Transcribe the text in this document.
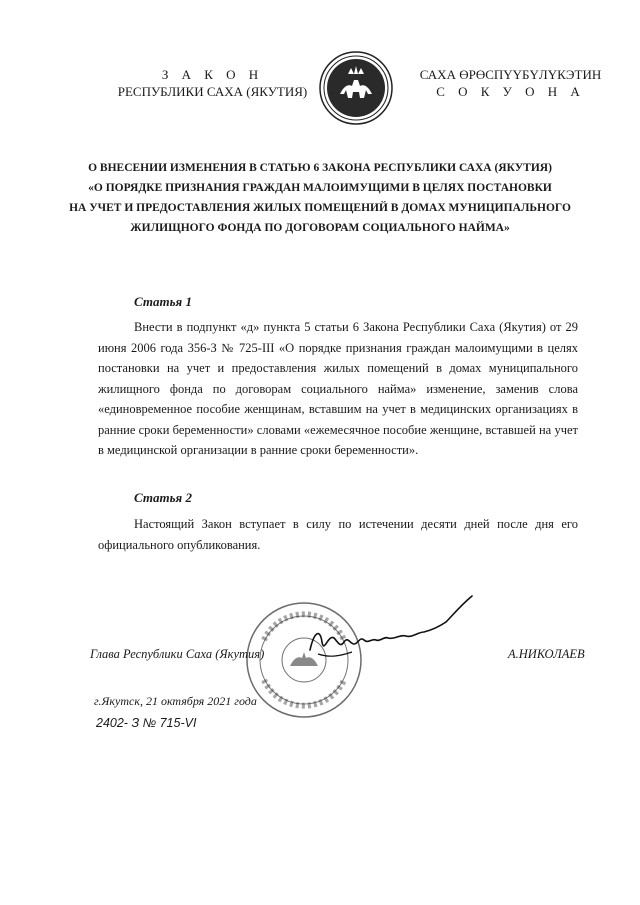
З А К О Н
РЕСПУБЛИКИ САХА (ЯКУТИЯ)
САХА ӨРӨСПYYБYЛYКЭТИН
С О К У О Н А
О ВНЕСЕНИИ ИЗМЕНЕНИЯ В СТАТЬЮ 6 ЗАКОНА РЕСПУБЛИКИ САХА (ЯКУТИЯ)
«О ПОРЯДКЕ ПРИЗНАНИЯ ГРАЖДАН МАЛОИМУЩИМИ В ЦЕЛЯХ ПОСТАНОВКИ
НА УЧЕТ И ПРЕДОСТАВЛЕНИЯ ЖИЛЫХ ПОМЕЩЕНИЙ В ДОМАХ МУНИЦИПАЛЬНОГО
ЖИЛИЩНОГО ФОНДА ПО ДОГОВОРАМ СОЦИАЛЬНОГО НАЙМА»
Статья 1
Внести в подпункт «д» пункта 5 статьи 6 Закона Республики Саха (Якутия) от 29 июня 2006 года 356-З № 725-III «О порядке признания граждан малоимущими в целях постановки на учет и предоставления жилых помещений в домах муниципального жилищного фонда по договорам социального найма» изменение, заменив слова «единовременное пособие женщинам, вставшим на учет в медицинских организациях в ранние сроки беременности» словами «ежемесячное пособие женщине, вставшей на учет в медицинской организации в ранние сроки беременности».
Статья 2
Настоящий Закон вступает в силу по истечении десяти дней после дня его официального опубликования.
Глава Республики Саха (Якутия)	А.НИКОЛАЕВ
г.Якутск, 21 октября 2021 года
2402- З № 715-VI
